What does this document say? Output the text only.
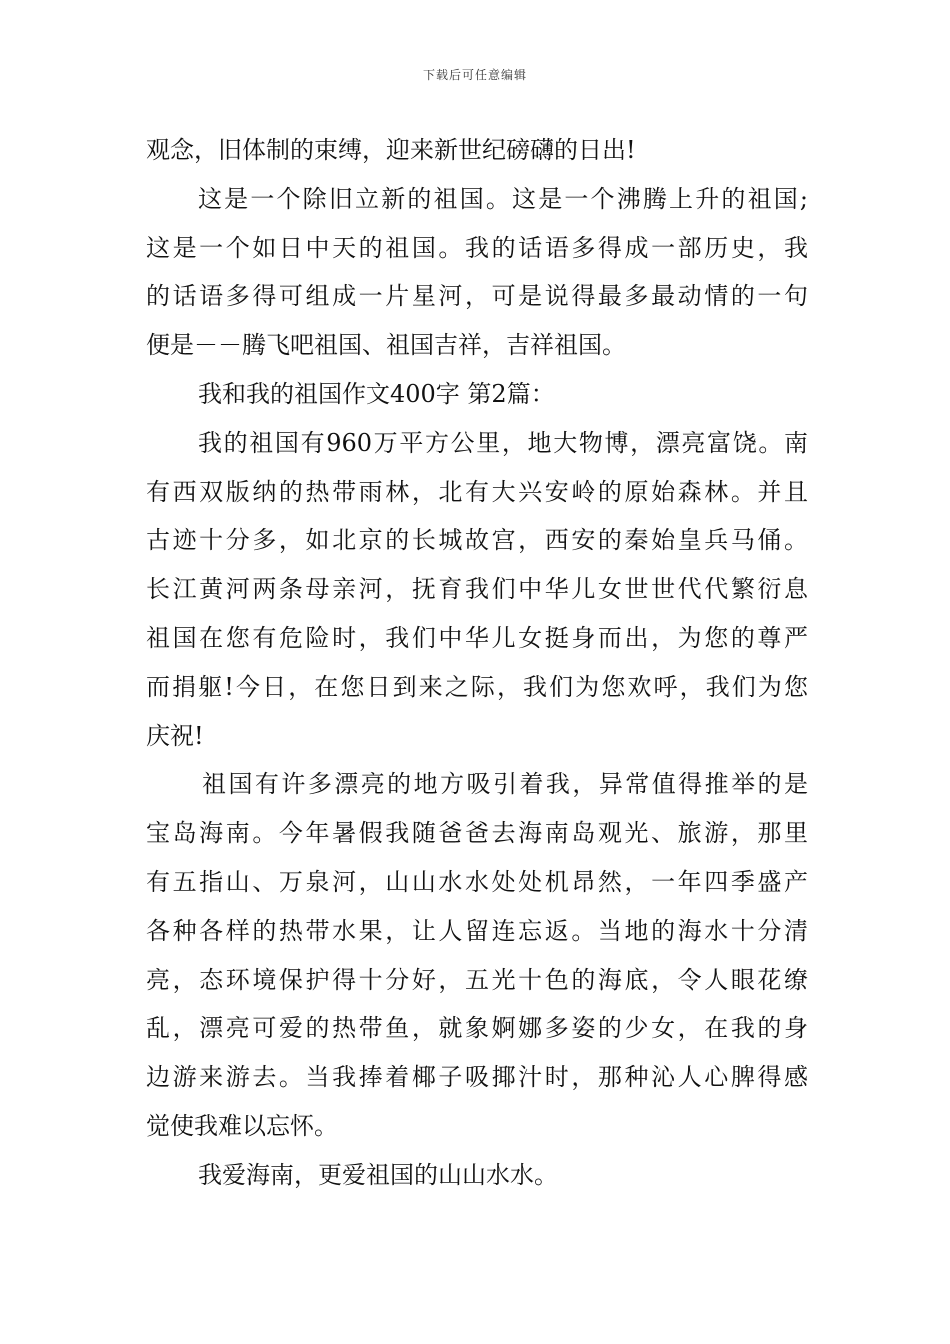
下载后可任意编辑
观念，旧体制的束缚，迎来新世纪磅礴的日出!
这是一个除旧立新的祖国。这是一个沸腾上升的祖国;
这是一个如日中天的祖国。我的话语多得成一部历史，我
的话语多得可组成一片星河，可是说得最多最动情的一句
便是－－腾飞吧祖国、祖国吉祥，吉祥祖国。
我和我的祖国作文400字 第2篇：
我的祖国有960万平方公里，地大物博，漂亮富饶。南
有西双版纳的热带雨林，北有大兴安岭的原始森林。并且
古迹十分多，如北京的长城故宫，西安的秦始皇兵马俑。
长江黄河两条母亲河，抚育我们中华儿女世世代代繁衍息
祖国在您有危险时，我们中华儿女挺身而出，为您的尊严
而捐躯!今日，在您日到来之际，我们为您欢呼，我们为您
庆祝!
祖国有许多漂亮的地方吸引着我，异常值得推举的是
宝岛海南。今年暑假我随爸爸去海南岛观光、旅游，那里
有五指山、万泉河，山山水水处处机昂然，一年四季盛产
各种各样的热带水果，让人留连忘返。当地的海水十分清
亮，态环境保护得十分好，五光十色的海底，令人眼花缭
乱，漂亮可爱的热带鱼，就象婀娜多姿的少女，在我的身
边游来游去。当我捧着椰子吸揶汁时，那种沁人心脾得感
觉使我难以忘怀。
我爱海南，更爱祖国的山山水水。
